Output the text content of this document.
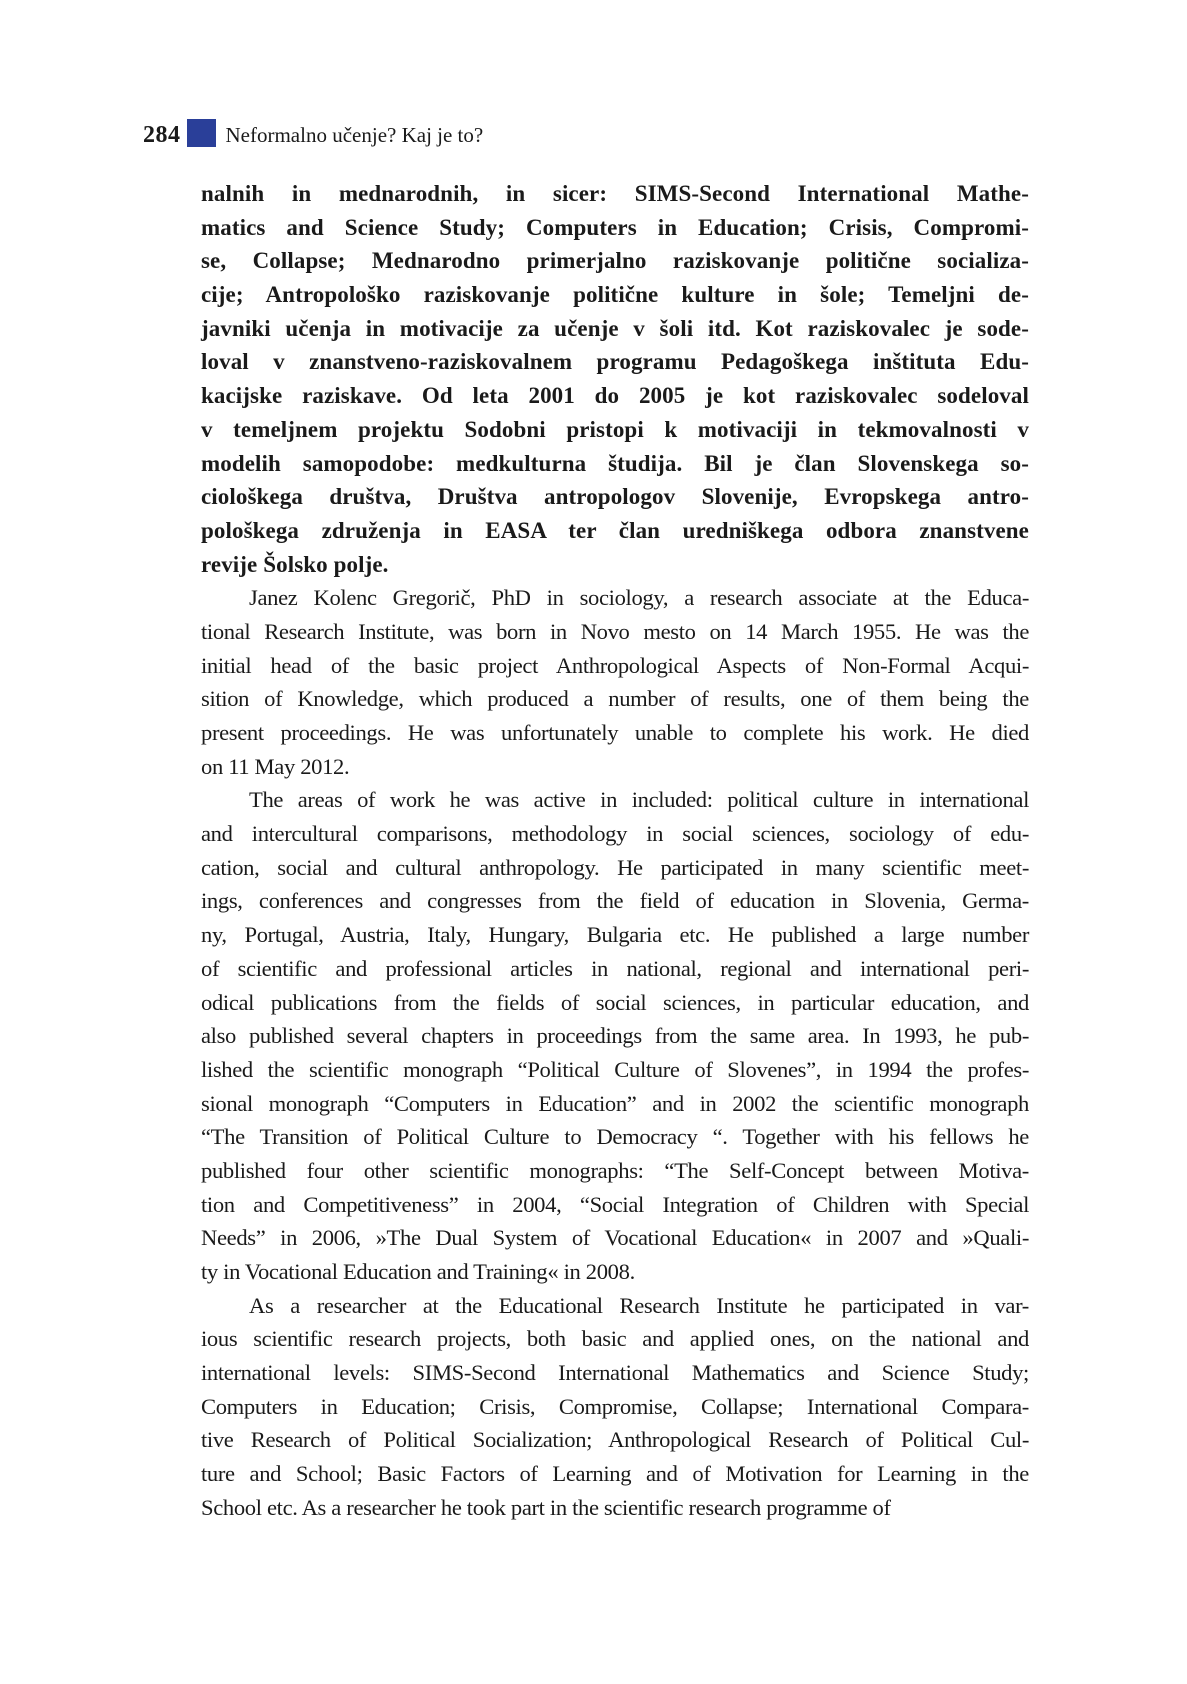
284 Neformalno učenje? Kaj je to?
nalnih in mednarodnih, in sicer: SIMS-Second International Mathe-
matics and Science Study; Computers in Education; Crisis, Compromi-
se, Collapse; Mednarodno primerjalno raziskovanje politične socializa-
cije; Antropološko raziskovanje politične kulture in šole; Temeljni de-
javniki učenja in motivacije za učenje v šoli itd. Kot raziskovalec je sode-
loval v znanstveno-raziskovalnem programu Pedagoškega inštituta Edu-
kacijske raziskave. Od leta 2001 do 2005 je kot raziskovalec sodeloval
v temeljnem projektu Sodobni pristopi k motivaciji in tekmovalnosti v
modelih samopodobe: medkulturna študija. Bil je član Slovenskega so-
ciološkega društva, Društva antropologov Slovenije, Evropskega antro-
pološkega združenja in EASA ter član uredniškega odbora znanstvene
revije Šolsko polje.
Janez Kolenc Gregorič, PhD in sociology, a research associate at the Educa-
tional Research Institute, was born in Novo mesto on 14 March 1955. He was the
initial head of the basic project Anthropological Aspects of Non-Formal Acqui-
sition of Knowledge, which produced a number of results, one of them being the
present proceedings. He was unfortunately unable to complete his work. He died
on 11 May 2012.
The areas of work he was active in included: political culture in international
and intercultural comparisons, methodology in social sciences, sociology of edu-
cation, social and cultural anthropology. He participated in many scientific meet-
ings, conferences and congresses from the field of education in Slovenia, Germa-
ny, Portugal, Austria, Italy, Hungary, Bulgaria etc. He published a large number
of scientific and professional articles in national, regional and international peri-
odical publications from the fields of social sciences, in particular education, and
also published several chapters in proceedings from the same area. In 1993, he pub-
lished the scientific monograph “Political Culture of Slovenes”, in 1994 the profes-
sional monograph “Computers in Education” and in 2002 the scientific monograph
“The Transition of Political Culture to Democracy “. Together with his fellows he
published four other scientific monographs: “The Self-Concept between Motiva-
tion and Competitiveness” in 2004, “Social Integration of Children with Special
Needs” in 2006, »The Dual System of Vocational Education« in 2007 and »Quali-
ty in Vocational Education and Training« in 2008.
As a researcher at the Educational Research Institute he participated in var-
ious scientific research projects, both basic and applied ones, on the national and
international levels: SIMS-Second International Mathematics and Science Study;
Computers in Education; Crisis, Compromise, Collapse; International Compara-
tive Research of Political Socialization; Anthropological Research of Political Cul-
ture and School; Basic Factors of Learning and of Motivation for Learning in the
School etc. As a researcher he took part in the scientific research programme of
